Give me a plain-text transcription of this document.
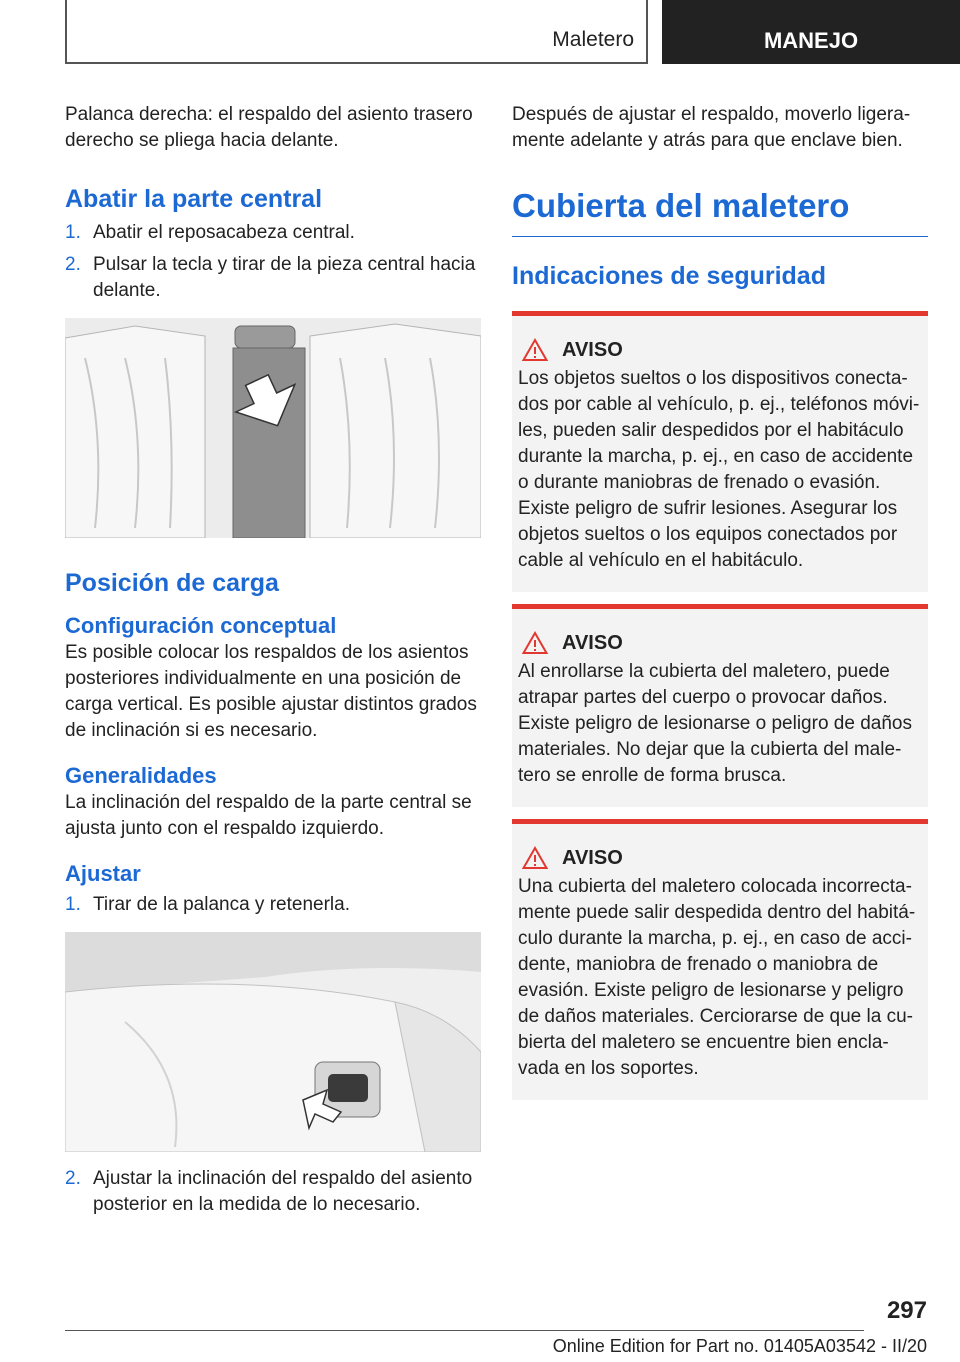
Maletero	MANEJO

Palanca derecha: el respaldo del asiento trasero derecho se pliega hacia delante.

Abatir la parte central
1. Abatir el reposacabeza central.
2. Pulsar la tecla y tirar de la pieza central hacia delante.
Posición de carga
Configuración conceptual

Es posible colocar los respaldos de los asientos posteriores individualmente en una posición de carga vertical. Es posible ajustar distintos grados de inclinación si es necesario.

Generalidades

La inclinación del respaldo de la parte central se ajusta junto con el respaldo izquierdo.

Ajustar
1. Tirar de la palanca y retenerla.
2. Ajustar la inclinación del respaldo del asiento posterior en la medida de lo necesario.

Después de ajustar el respaldo, moverlo ligera-mente adelante y atrás para que enclave bien.

Cubierta del maletero
Indicaciones de seguridad
AVISO

Los objetos sueltos o los dispositivos conecta-dos por cable al vehículo, p. ej., teléfonos móvi-les, pueden salir despedidos por el habitáculo durante la marcha, p. ej., en caso de accidente o durante maniobras de frenado o evasión. Existe peligro de sufrir lesiones. Asegurar los objetos sueltos o los equipos conectados por cable al vehículo en el habitáculo.

AVISO

Al enrollarse la cubierta del maletero, puede atrapar partes del cuerpo o provocar daños. Existe peligro de lesionarse o peligro de daños materiales. No dejar que la cubierta del male-tero se enrolle de forma brusca.

AVISO

Una cubierta del maletero colocada incorrecta-mente puede salir despedida dentro del habitá-culo durante la marcha, p. ej., en caso de acci-dente, maniobra de frenado o maniobra de evasión. Existe peligro de lesionarse y peligro de daños materiales. Cerciorarse de que la cu-bierta del maletero se encuentre bien encla-vada en los soportes.

297
Online Edition for Part no. 01405A03542 - II/20
